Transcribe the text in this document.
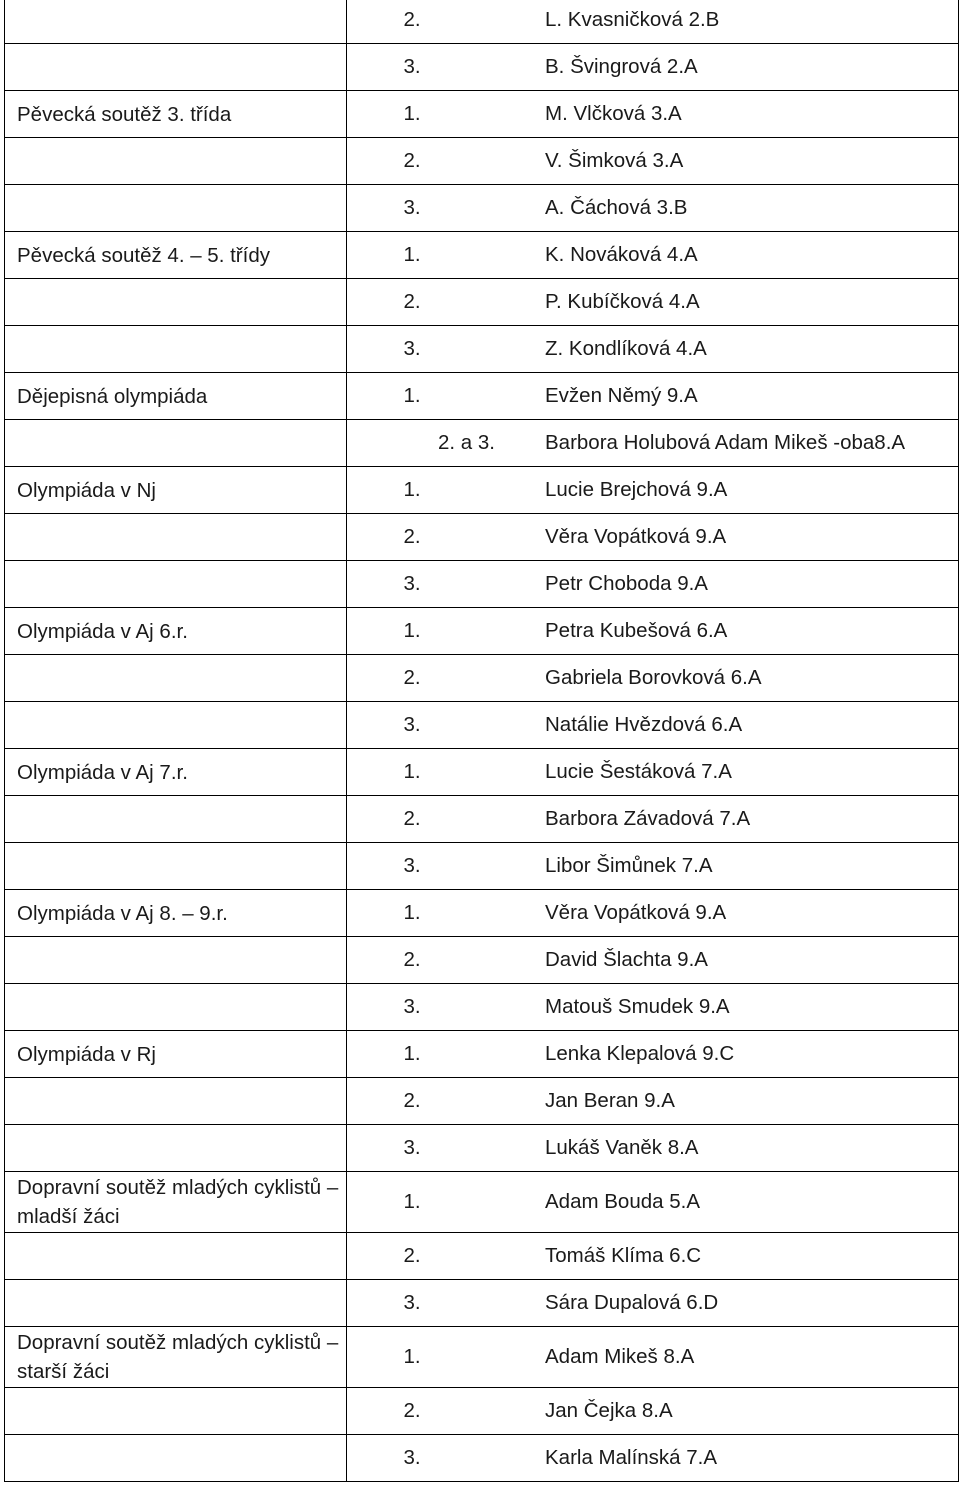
	2. L. Kvasničková 2.B
	3. B. Švingrová 2.A
Pěvecká soutěž 3. třída	1. M. Vlčková 3.A
	2. V. Šimková 3.A
	3. A. Čáchová 3.B
Pěvecká soutěž 4. – 5. třídy	1. K. Nováková 4.A
	2. P. Kubíčková 4.A
	3. Z. Kondlíková 4.A
Dějepisná olympiáda	1. Evžen Němý 9.A
	2. a 3. Barbora Holubová Adam Mikeš -oba8.A
Olympiáda v Nj	1. Lucie Brejchová 9.A
	2. Věra Vopátková 9.A
	3. Petr Choboda 9.A
Olympiáda v Aj 6.r.	1. Petra Kubešová 6.A
	2. Gabriela Borovková 6.A
	3. Natálie Hvězdová 6.A
Olympiáda v Aj 7.r.	1. Lucie Šestáková 7.A
	2. Barbora Závadová 7.A
	3. Libor Šimůnek 7.A
Olympiáda v Aj 8. – 9.r.	1. Věra Vopátková 9.A
	2. David Šlachta 9.A
	3. Matouš Smudek 9.A
Olympiáda v Rj	1. Lenka Klepalová 9.C
	2. Jan Beran 9.A
	3. Lukáš Vaněk 8.A
Dopravní soutěž mladých cyklistů – mladší žáci	1. Adam Bouda 5.A
	2. Tomáš Klíma 6.C
	3. Sára Dupalová 6.D
Dopravní soutěž mladých cyklistů – starší žáci	1. Adam Mikeš 8.A
	2. Jan Čejka 8.A
	3. Karla Malínská 7.A
